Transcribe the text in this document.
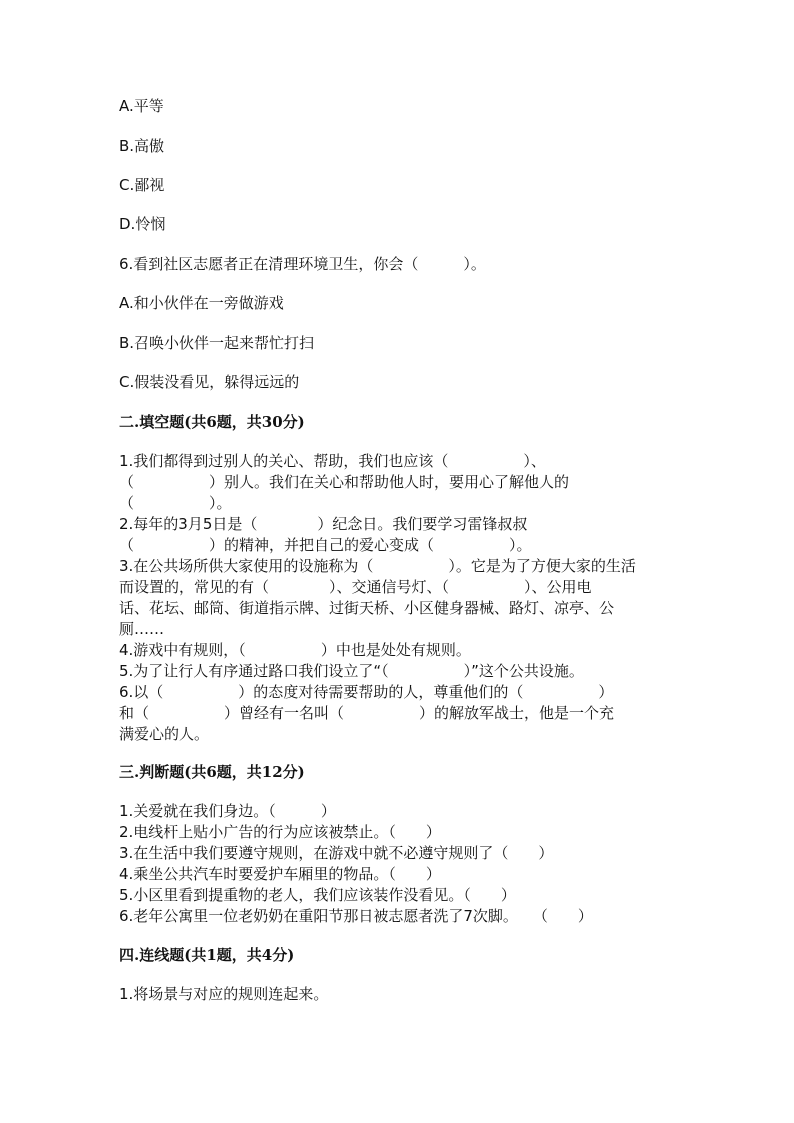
A.平等
B.高傲
C.鄙视
D.怜悯
6.看到社区志愿者正在清理环境卫生，你会（　　　）。
A.和小伙伴在一旁做游戏
B.召唤小伙伴一起来帮忙打扫
C.假装没看见，躲得远远的
二.填空题(共6题，共30分)
1.我们都得到过别人的关心、帮助，我们也应该（　　　　　）、
（　　　　　）别人。我们在关心和帮助他人时，要用心了解他人的
（　　　　　）。
2.每年的3月5日是（　　　　）纪念日。我们要学习雷锋叔叔
（　　　　　）的精神，并把自己的爱心变成（　　　　　）。
3.在公共场所供大家使用的设施称为（　　　　　）。它是为了方便大家的生活
而设置的，常见的有（　　　　）、交通信号灯、（　　　　　）、公用电
话、花坛、邮筒、街道指示牌、过街天桥、小区健身器械、路灯、凉亭、公
厕……
4.游戏中有规则，（　　　　　）中也是处处有规则。
5.为了让行人有序通过路口我们设立了“（　　　　　）”这个公共设施。
6.以（　　　　　）的态度对待需要帮助的人，尊重他们的（　　　　　）
和（　　　　　）曾经有一名叫（　　　　　）的解放军战士，他是一个充
满爱心的人。
三.判断题(共6题，共12分)
1.关爱就在我们身边。（　　　）
2.电线杆上贴小广告的行为应该被禁止。（　　）
3.在生活中我们要遵守规则，在游戏中就不必遵守规则了（　　）
4.乘坐公共汽车时要爱护车厢里的物品。（　　）
5.小区里看到提重物的老人，我们应该装作没看见。（　　）
6.老年公寓里一位老奶奶在重阳节那日被志愿者洗了7次脚。　　（　　）
四.连线题(共1题，共4分)
1.将场景与对应的规则连起来。
